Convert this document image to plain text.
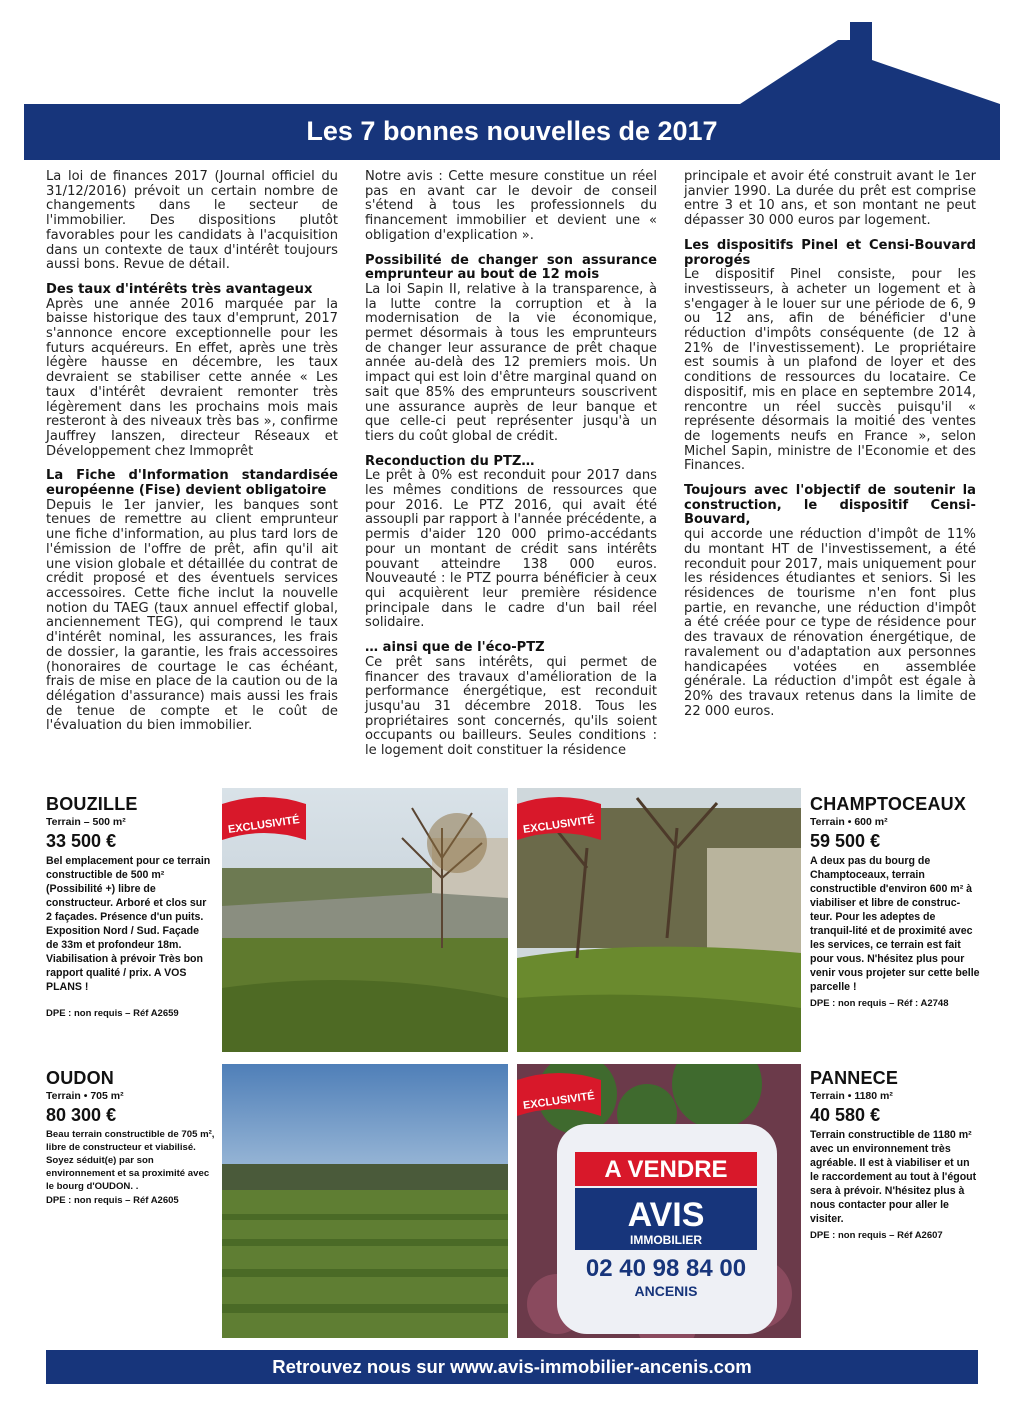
Les 7 bonnes nouvelles de 2017

La loi de finances 2017 (Journal officiel du 31/12/2016) prévoit un certain nombre de changements dans le secteur de l'immobilier. Des dispositions plutôt favorables pour les candidats à l'acquisition dans un contexte de taux d'intérêt toujours aussi bons. Revue de détail.

Des taux d'intérêts très avantageux

Après une année 2016 marquée par la baisse historique des taux d'emprunt, 2017 s'annonce encore exceptionnelle pour les futurs acquéreurs. En effet, après une très légère hausse en décembre, les taux devraient se stabiliser cette année « Les taux d'intérêt devraient remonter très légèrement dans les prochains mois mais resteront à des niveaux très bas », confirme Jauffrey Ianszen, directeur Réseaux et Développement chez Immoprêt

La Fiche d'Information standardisée européenne (Fise) devient obligatoire

Depuis le 1er janvier, les banques sont tenues de remettre au client emprunteur une fiche d'information, au plus tard lors de l'émission de l'offre de prêt, afin qu'il ait une vision globale et détaillée du contrat de crédit proposé et des éventuels services accessoires. Cette fiche inclut la nouvelle notion du TAEG (taux annuel effectif global, anciennement TEG), qui comprend le taux d'intérêt nominal, les assurances, les frais de dossier, la garantie, les frais accessoires (honoraires de courtage le cas échéant, frais de mise en place de la caution ou de la délégation d'assurance) mais aussi les frais de tenue de compte et le coût de l'évaluation du bien immobilier.

Notre avis : Cette mesure constitue un réel pas en avant car le devoir de conseil s'étend à tous les professionnels du financement immobilier et devient une « obligation d'explication ».

Possibilité de changer son assurance emprunteur au bout de 12 mois

La loi Sapin II, relative à la transparence, à la lutte contre la corruption et à la modernisation de la vie économique, permet désormais à tous les emprunteurs de changer leur assurance de prêt chaque année au-delà des 12 premiers mois. Un impact qui est loin d'être marginal quand on sait que 85% des emprunteurs souscrivent une assurance auprès de leur banque et que celle-ci peut représenter jusqu'à un tiers du coût global de crédit.

Reconduction du PTZ…

Le prêt à 0% est reconduit pour 2017 dans les mêmes conditions de ressources que pour 2016. Le PTZ 2016, qui avait été assoupli par rapport à l'année précédente, a permis d'aider 120 000 primo-accédants pour un montant de crédit sans intérêts pouvant atteindre 138 000 euros. Nouveauté : le PTZ pourra bénéficier à ceux qui acquièrent leur première résidence principale dans le cadre d'un bail réel solidaire.

… ainsi que de l'éco-PTZ

Ce prêt sans intérêts, qui permet de financer des travaux d'amélioration de la performance énergétique, est reconduit jusqu'au 31 décembre 2018. Tous les propriétaires sont concernés, qu'ils soient occupants ou bailleurs. Seules conditions : le logement doit constituer la résidence

principale et avoir été construit avant le 1er janvier 1990. La durée du prêt est comprise entre 3 et 10 ans, et son montant ne peut dépasser 30 000 euros par logement.

Les dispositifs Pinel et Censi-Bouvard prorogés

Le dispositif Pinel consiste, pour les investisseurs, à acheter un logement et à s'engager à le louer sur une période de 6, 9 ou 12 ans, afin de bénéficier d'une réduction d'impôts conséquente (de 12 à 21% de l'investissement). Le propriétaire est soumis à un plafond de loyer et des conditions de ressources du locataire. Ce dispositif, mis en place en septembre 2014, rencontre un réel succès puisqu'il « représente désormais la moitié des ventes de logements neufs en France », selon Michel Sapin, ministre de l'Economie et des Finances.

Toujours avec l'objectif de soutenir la construction, le dispositif Censi-Bouvard,

qui accorde une réduction d'impôt de 11% du montant HT de l'investissement, a été reconduit pour 2017, mais uniquement pour les résidences étudiantes et seniors. Si les résidences de tourisme n'en font plus partie, en revanche, une réduction d'impôt a été créée pour ce type de résidence pour des travaux de rénovation énergétique, de ravalement ou d'adaptation aux personnes handicapées votées en assemblée générale. La réduction d'impôt est égale à 20% des travaux retenus dans la limite de 22 000 euros.

BOUZILLE
Terrain – 500 m²
33 500 €
Bel emplacement pour ce terrain constructible de 500 m² (Possibilité +) libre de constructeur. Arboré et clos sur 2 façades. Présence d'un puits. Exposition Nord / Sud. Façade de 33m et profondeur 18m. Viabilisation à prévoir Très bon rapport qualité / prix. A VOS PLANS !
DPE : non requis – Réf A2659
EXCLUSIVITÉ	EXCLUSIVITÉ
CHAMPTOCEAUX
Terrain • 600 m²
59 500 €
A deux pas du bourg de Champtoceaux, terrain constructible d'environ 600 m² à viabiliser et libre de construc-teur. Pour les adeptes de tranquil-lité et de proximité avec les services, ce terrain est fait pour vous. N'hésitez plus pour venir vous projeter sur cette belle parcelle !
DPE : non requis – Réf : A2748
OUDON
Terrain • 705 m²
80 300 €
Beau terrain constructible de 705 m², libre de constructeur et viabilisé. Soyez séduit(e) par son environnement et sa proximité avec le bourg d'OUDON. .
DPE : non requis – Réf A2605
A VENDRE
AVIS
IMMOBILIER
02 40 98 84 00
ANCENIS
EXCLUSIVITÉ
PANNECE
Terrain • 1180 m²
40 580 €
Terrain constructible de 1180 m² avec un environnement très agréable. Il est à viabiliser et un le raccordement au tout à l'égout sera à prévoir. N'hésitez plus à nous contacter pour aller le visiter.
DPE : non requis – Réf A2607
Retrouvez nous sur www.avis-immobilier-ancenis.com
